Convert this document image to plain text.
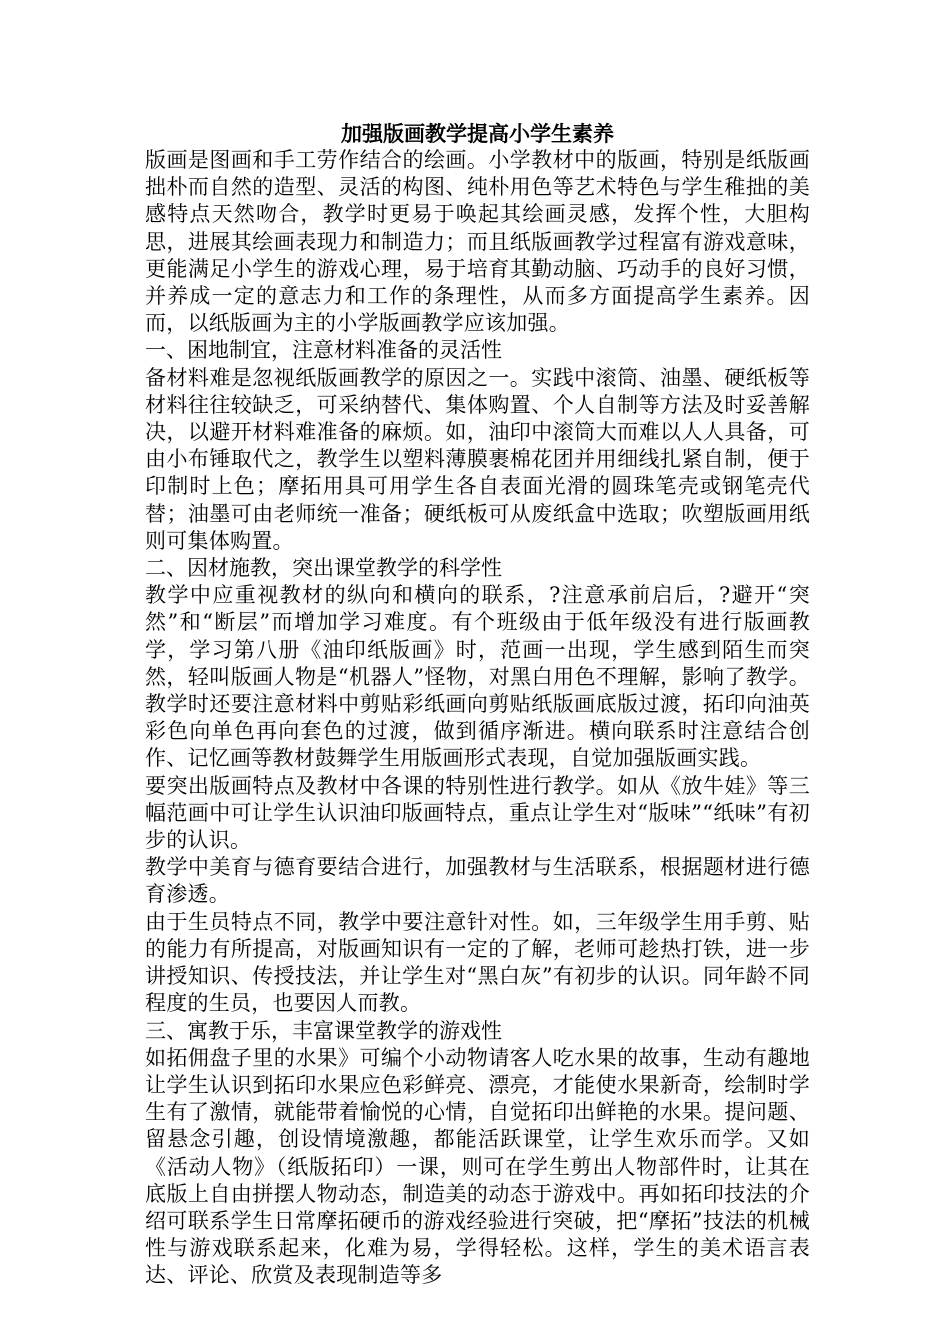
加强版画教学提高小学生素养

版画是图画和手工劳作结合的绘画。小学教材中的版画，特别是纸版画拙朴而自然的造型、灵活的构图、纯朴用色等艺术特色与学生稚拙的美感特点天然吻合，教学时更易于唤起其绘画灵感，发挥个性，大胆构思，进展其绘画表现力和制造力；而且纸版画教学过程富有游戏意味，更能满足小学生的游戏心理，易于培育其勤动脑、巧动手的良好习惯，并养成一定的意志力和工作的条理性，从而多方面提高学生素养。因而，以纸版画为主的小学版画教学应该加强。

一、困地制宜，注意材料准备的灵活性

备材料难是忽视纸版画教学的原因之一。实践中滚筒、油墨、硬纸板等材料往往较缺乏，可采纳替代、集体购置、个人自制等方法及时妥善解决，以避开材料难准备的麻烦。如，油印中滚筒大而难以人人具备，可由小布锤取代之，教学生以塑料薄膜裹棉花团并用细线扎紧自制，便于印制时上色；摩拓用具可用学生各自表面光滑的圆珠笔壳或钢笔壳代替；油墨可由老师统一准备；硬纸板可从废纸盒中选取；吹塑版画用纸则可集体购置。

二、因材施教，突出课堂教学的科学性

教学中应重视教材的纵向和横向的联系，?注意承前启后，?避开“突然”和“断层”而增加学习难度。有个班级由于低年级没有进行版画教学，学习第八册《油印纸版画》时，范画一出现，学生感到陌生而突然，轻叫版画人物是“机器人”怪物，对黑白用色不理解，影响了教学。教学时还要注意材料中剪贴彩纸画向剪贴纸版画底版过渡，拓印向油英彩色向单色再向套色的过渡，做到循序渐进。横向联系时注意结合创作、记忆画等教材鼓舞学生用版画形式表现，自觉加强版画实践。

要突出版画特点及教材中各课的特别性进行教学。如从《放牛娃》等三幅范画中可让学生认识油印版画特点，重点让学生对“版味”“纸味”有初步的认识。

教学中美育与德育要结合进行，加强教材与生活联系，根据题材进行德育渗透。

由于生员特点不同，教学中要注意针对性。如，三年级学生用手剪、贴的能力有所提高，对版画知识有一定的了解，老师可趁热打铁，进一步讲授知识、传授技法，并让学生对“黑白灰”有初步的认识。同年龄不同程度的生员，也要因人而教。

三、寓教于乐，丰富课堂教学的游戏性

如拓佣盘子里的水果》可编个小动物请客人吃水果的故事，生动有趣地让学生认识到拓印水果应色彩鲜亮、漂亮，才能使水果新奇，绘制时学生有了激情，就能带着愉悦的心情，自觉拓印出鲜艳的水果。提问题、留悬念引趣，创设情境激趣，都能活跃课堂，让学生欢乐而学。又如《活动人物》（纸版拓印）一课，则可在学生剪出人物部件时，让其在底版上自由拼摆人物动态，制造美的动态于游戏中。再如拓印技法的介绍可联系学生日常摩拓硬币的游戏经验进行突破，把“摩拓”技法的机械性与游戏联系起来，化难为易，学得轻松。这样，学生的美术语言表达、评论、欣赏及表现制造等多
